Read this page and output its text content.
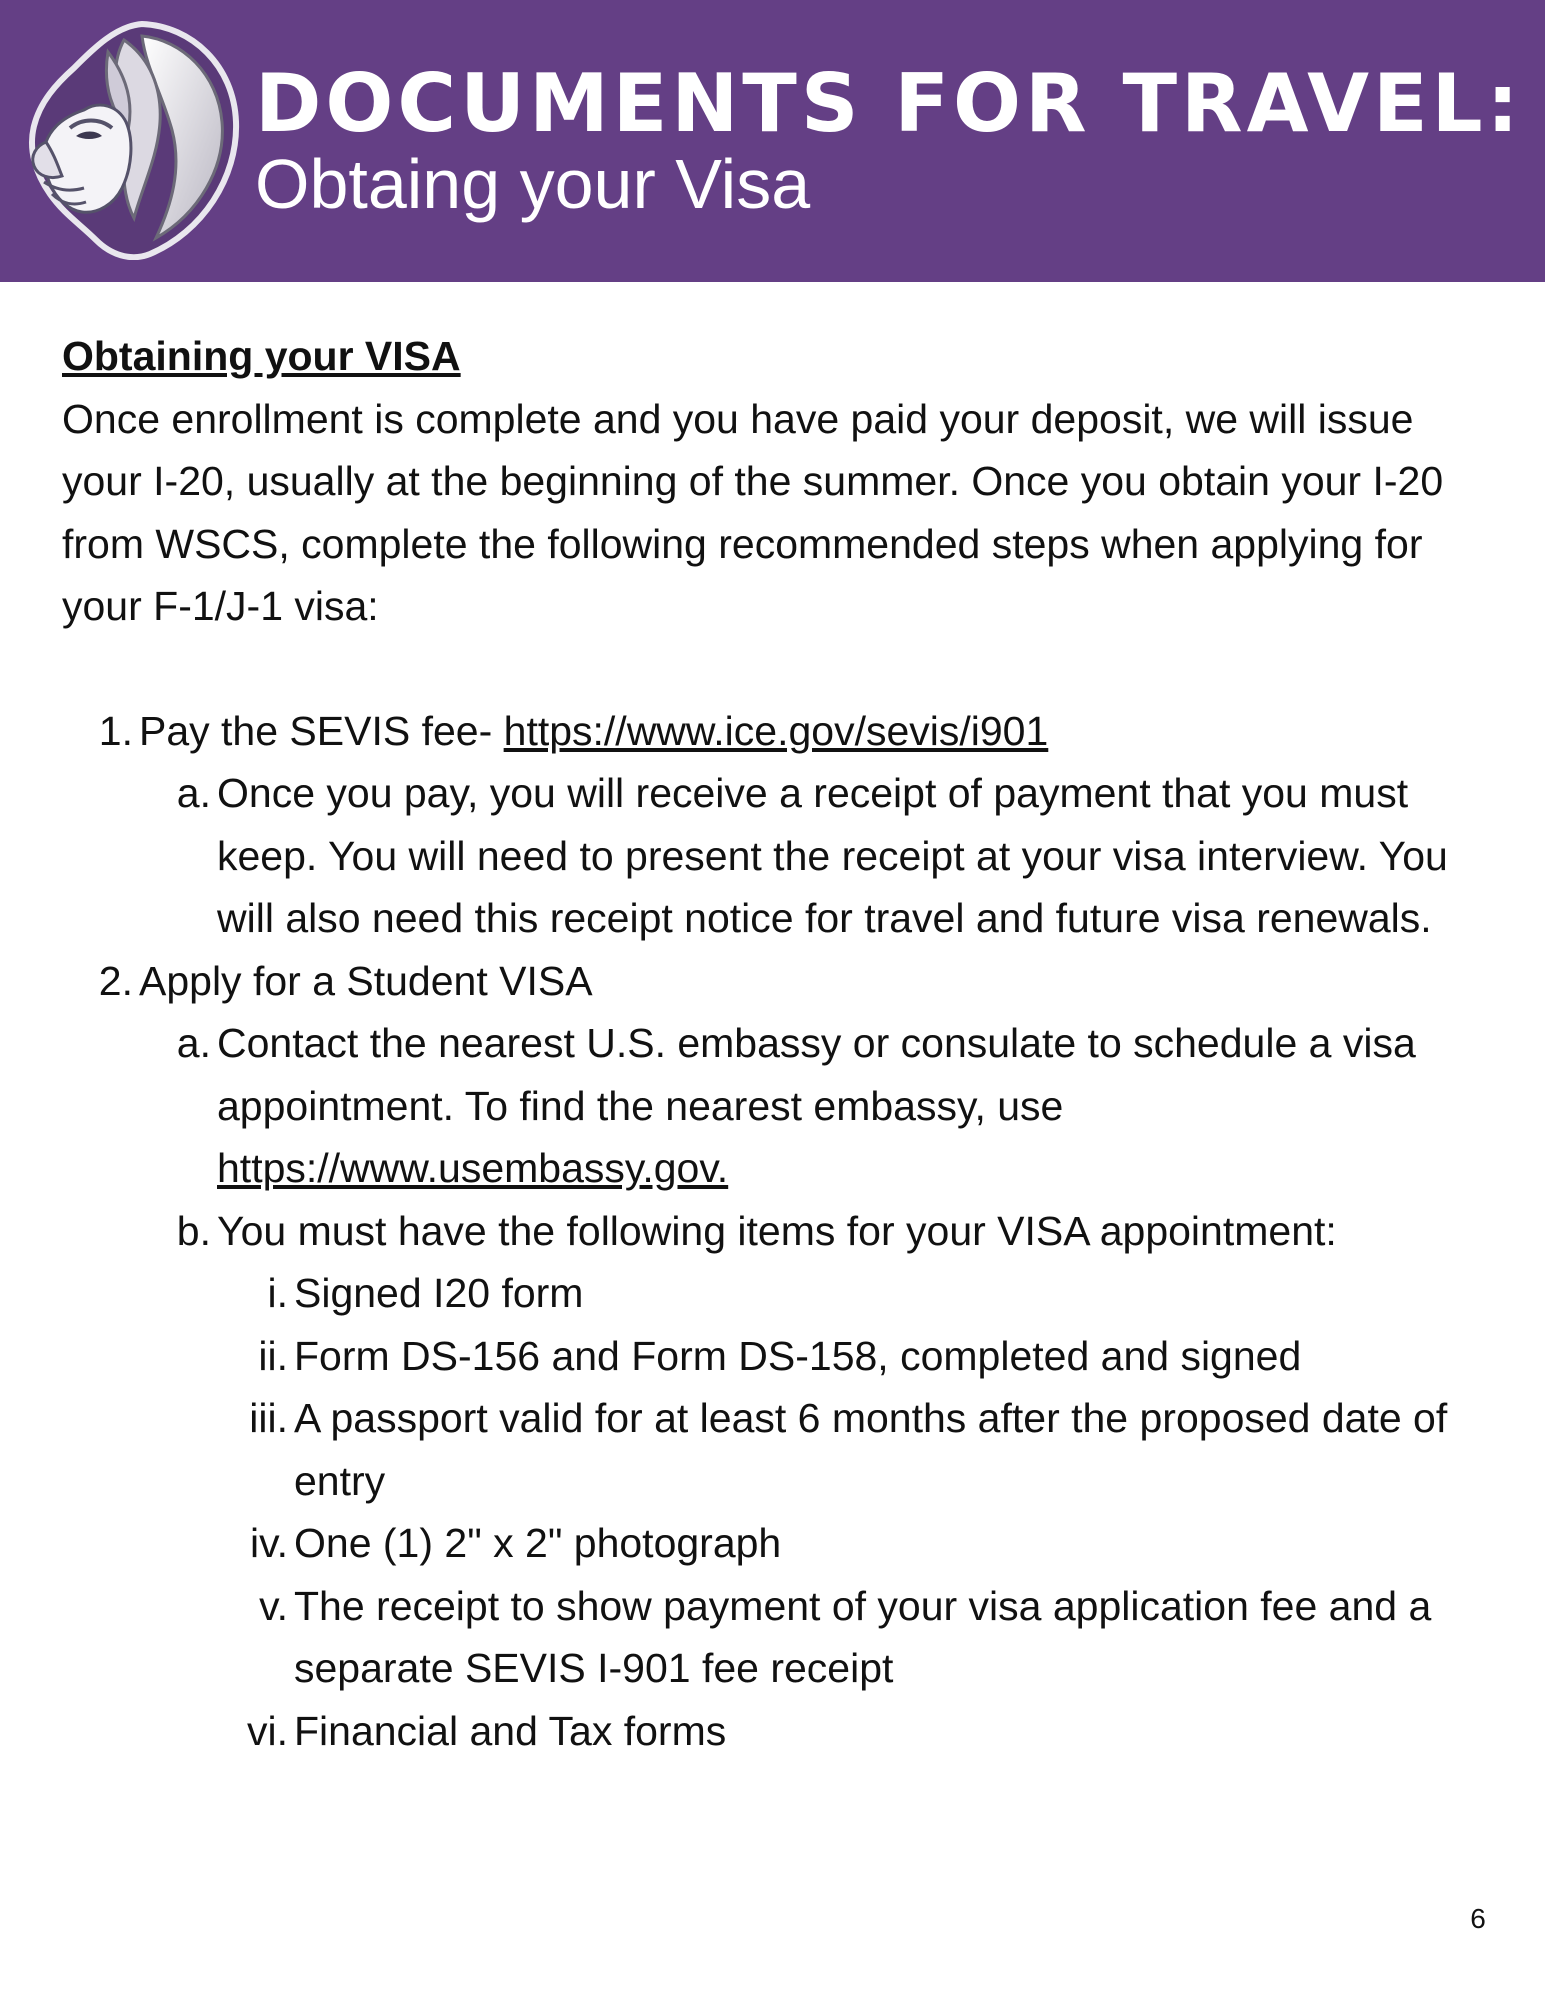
DOCUMENTS FOR TRAVEL:
Obtaing your Visa
Obtaining your VISA

Once enrollment is complete and you have paid your deposit, we will issue your I-20, usually at the beginning of the summer. Once you obtain your I-20 from WSCS, complete the following recommended steps when applying for your F-1/J-1 visa:

1. Pay the SEVIS fee- https://www.ice.gov/sevis/i901
a. Once you pay, you will receive a receipt of payment that you must keep. You will need to present the receipt at your visa interview. You will also need this receipt notice for travel and future visa renewals.
2. Apply for a Student VISA
a. Contact the nearest U.S. embassy or consulate to schedule a visa appointment. To find the nearest embassy, use https://www.usembassy.gov.
b. You must have the following items for your VISA appointment:
i. Signed I20 form
ii. Form DS-156 and Form DS-158, completed and signed
iii. A passport valid for at least 6 months after the proposed date of entry
iv. One (1) 2" x 2" photograph
v. The receipt to show payment of your visa application fee and a separate SEVIS I-901 fee receipt
vi. Financial and Tax forms
6
